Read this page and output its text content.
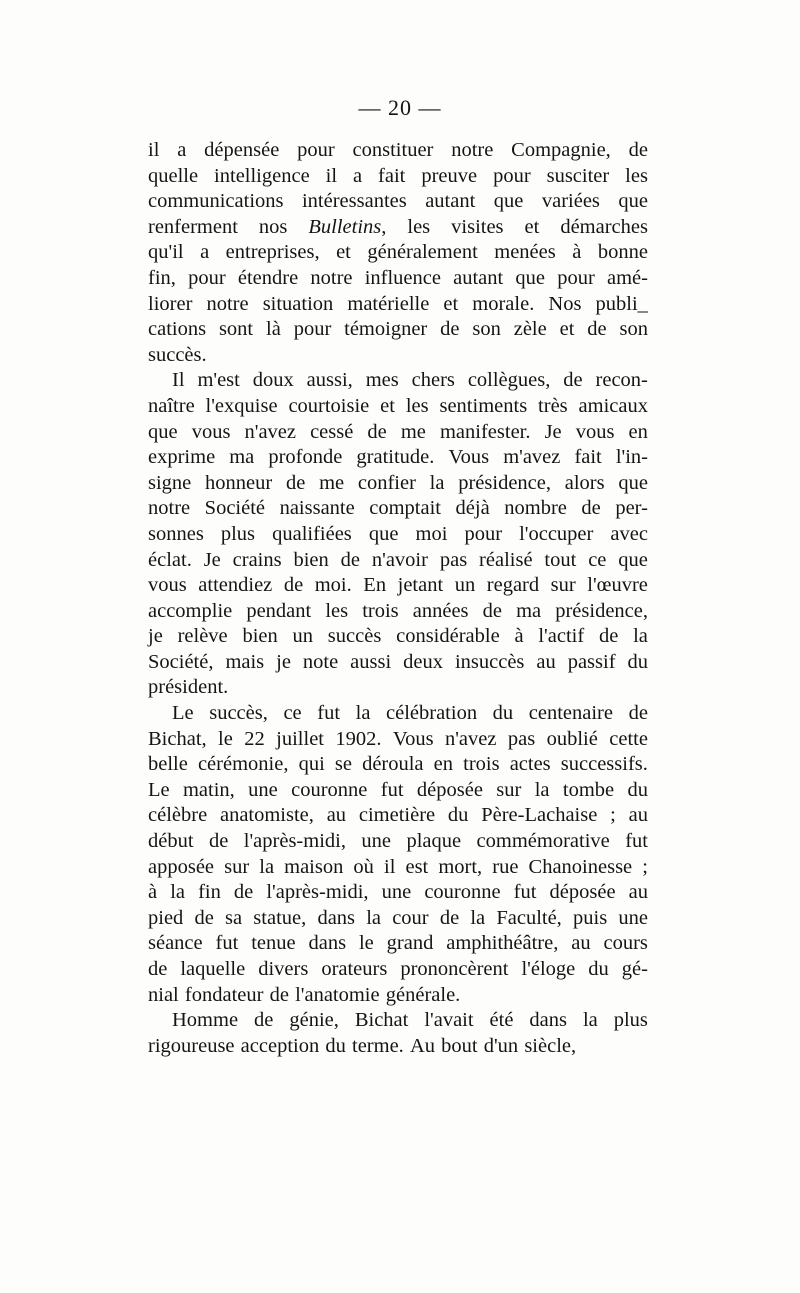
— 20 —
il a dépensée pour constituer notre Compagnie, de
quelle intelligence il a fait preuve pour susciter les
communications intéressantes autant que variées que
renferment nos Bulletins, les visites et démarches
qu'il a entreprises, et généralement menées à bonne
fin, pour étendre notre influence autant que pour amé-
liorer notre situation matérielle et morale. Nos publi_
cations sont là pour témoigner de son zèle et de son
succès.
Il m'est doux aussi, mes chers collègues, de recon-
naître l'exquise courtoisie et les sentiments très amicaux
que vous n'avez cessé de me manifester. Je vous en
exprime ma profonde gratitude. Vous m'avez fait l'in-
signe honneur de me confier la présidence, alors que
notre Société naissante comptait déjà nombre de per-
sonnes plus qualifiées que moi pour l'occuper avec
éclat. Je crains bien de n'avoir pas réalisé tout ce que
vous attendiez de moi. En jetant un regard sur l'œuvre
accomplie pendant les trois années de ma présidence,
je relève bien un succès considérable à l'actif de la
Société, mais je note aussi deux insuccès au passif du
président.
Le succès, ce fut la célébration du centenaire de
Bichat, le 22 juillet 1902. Vous n'avez pas oublié cette
belle cérémonie, qui se déroula en trois actes successifs.
Le matin, une couronne fut déposée sur la tombe du
célèbre anatomiste, au cimetière du Père-Lachaise ; au
début de l'après-midi, une plaque commémorative fut
apposée sur la maison où il est mort, rue Chanoinesse ;
à la fin de l'après-midi, une couronne fut déposée au
pied de sa statue, dans la cour de la Faculté, puis une
séance fut tenue dans le grand amphithéâtre, au cours
de laquelle divers orateurs prononcèrent l'éloge du gé-
nial fondateur de l'anatomie générale.
Homme de génie, Bichat l'avait été dans la plus
rigoureuse acception du terme. Au bout d'un siècle,
